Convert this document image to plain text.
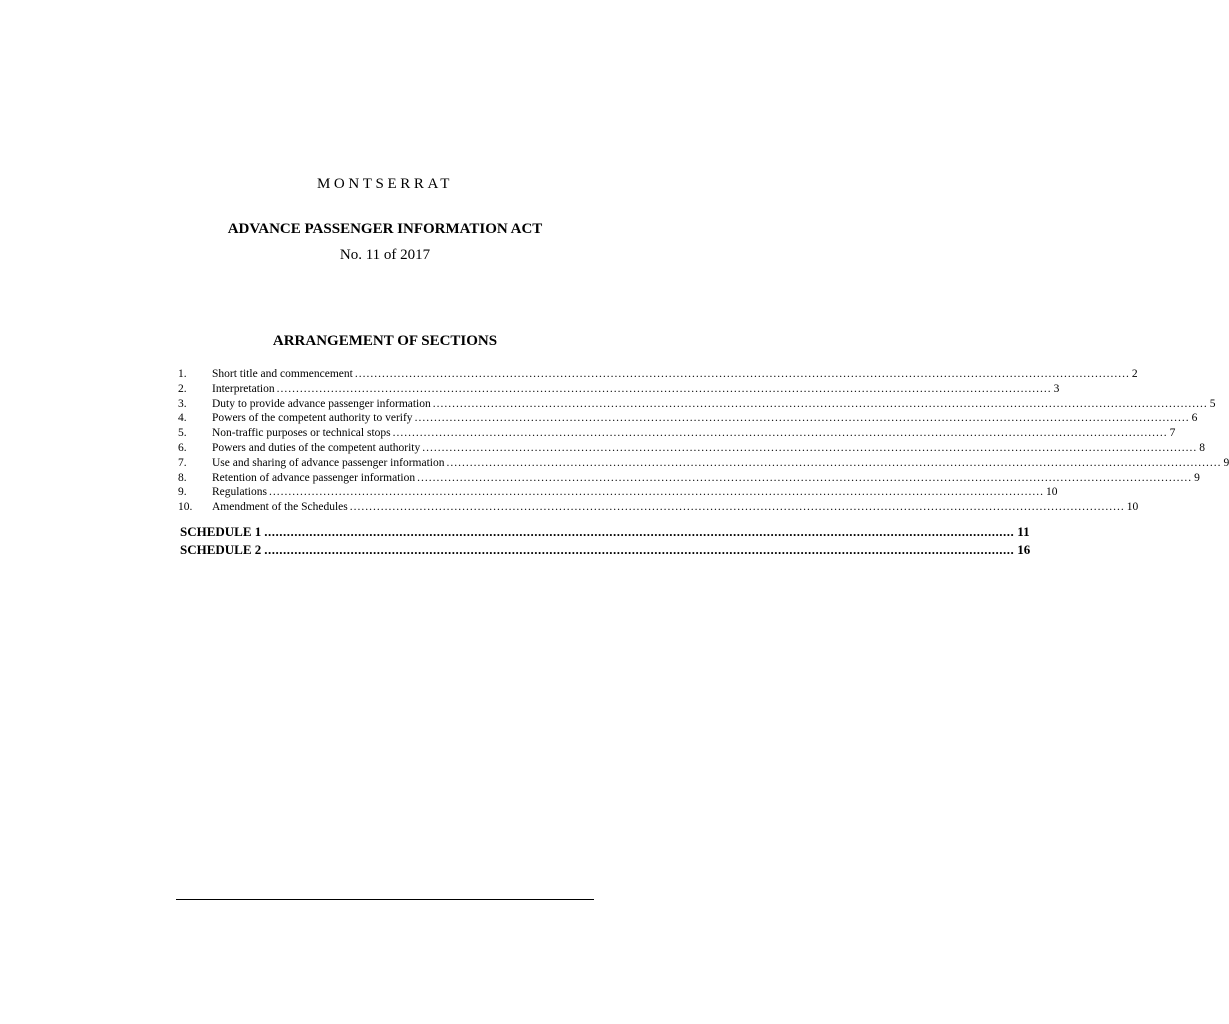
MONTSERRAT
ADVANCE PASSENGER INFORMATION ACT
No. 11 of 2017
ARRANGEMENT OF SECTIONS
1.	Short title and commencement ........................................................................................................................................................................................................ 2
2.	Interpretation ........................................................................................................................................................................................................ 3
3.	Duty to provide advance passenger information ........................................................................................................................................................................................................ 5
4.	Powers of the competent authority to verify ........................................................................................................................................................................................................ 6
5.	Non-traffic purposes or technical stops ........................................................................................................................................................................................................ 7
6.	Powers and duties of the competent authority ........................................................................................................................................................................................................ 8
7.	Use and sharing of advance passenger information ........................................................................................................................................................................................................ 9
8.	Retention of advance passenger information ........................................................................................................................................................................................................ 9
9.	Regulations ........................................................................................................................................................................................................ 10
10.	Amendment of the Schedules ........................................................................................................................................................................................................ 10
SCHEDULE 1 ........................................................................................................................................................................................................ 11
SCHEDULE 2 ........................................................................................................................................................................................................ 16
